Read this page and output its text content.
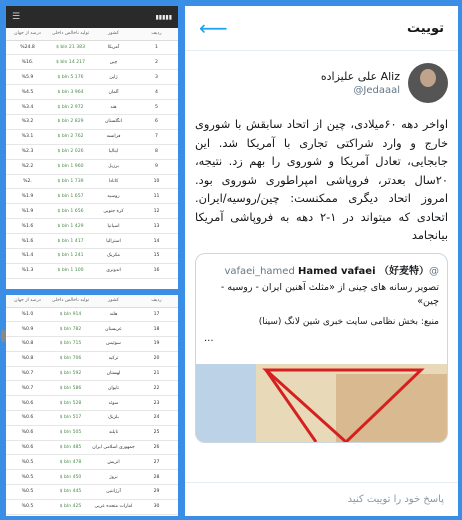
☰	▮▮▮▮▮
درصد از جهان	تولید ناخالص داخلی	کشور	ردیف
%24.8	$ bln 21 383	آمریکا	1
%16.	$ bln 14 217	چین	2
%5.9	$ bln 5 176	ژاپن	3
%4.5	$ bln 3 964	آلمان	4
%3.4	$ bln 2 972	هند	5
%3.2	$ bln 2 829	انگلستان	6
%3.1	$ bln 2 762	فرانسه	7
%2.3	$ bln 2 026	ایتالیا	8
%2.2	$ bln 1 960	برزیل	9
%2.	$ bln 1 739	کانادا	10
%1.9	$ bln 1 657	روسیه	11
%1.9	$ bln 1 656	کره جنوبی	12
%1.6	$ bln 1 429	اسپانیا	13
%1.6	$ bln 1 417	استرالیا	14
%1.4	$ bln 1 241	مکزیک	15
%1.3	$ bln 1 100	اندونزی	16
درصد از جهان	تولید ناخالص داخلی	کشور	ردیف
%1.0	$ bln 914	هلند	17
%0.9	$ bln 782	عربستان	18
%0.8	$ bln 715	سوئیس	19
%0.8	$ bln 706	ترکیه	20
%0.7	$ bln 592	لهستان	21
%0.7	$ bln 586	تایوان	22
%0.6	$ bln 528	سوئد	23
%0.6	$ bln 517	بلژیک	24
%0.6	$ bln 505	تایلند	25
%0.6	$ bln 485	جمهوری اسلامی ایران	26
%0.5	$ bln 478	اتریش	27
%0.5	$ bln 450	نروژ	28
%0.5	$ bln 445	آرژانتین	29
%0.5	$ bln 425	امارات متحده عربی	30
⟵	توییت
علی علیزاده Aliz
@Jedaaal
اواخر دهه ۶۰میلادی، چین از اتحاد سابقش با شوروی خارج و وارد شراکتی تجاری با آمریکا شد. این جابجایی، تعادل آمریکا و شوروی را بهم زد. نتیجه، ۲۰سال بعدتر، فروپاشی امپراطوری شوروی بود. امروز اتحاد دیگری ممکنست: چین/روسیه/ایران. اتحادی که میتواند در ۱-۲ دهه به فروپاشی آمریکا بیانجامد
@vafaei_hamed Hamed vafaei （好麦特）
تصویر رسانه های چینی از «مثلث آهنین ایران - روسیه - چین»
منبع: بخش نظامی سایت خبری شین لانگ (سینا)
...
پاسخ خود را توییت کنید
